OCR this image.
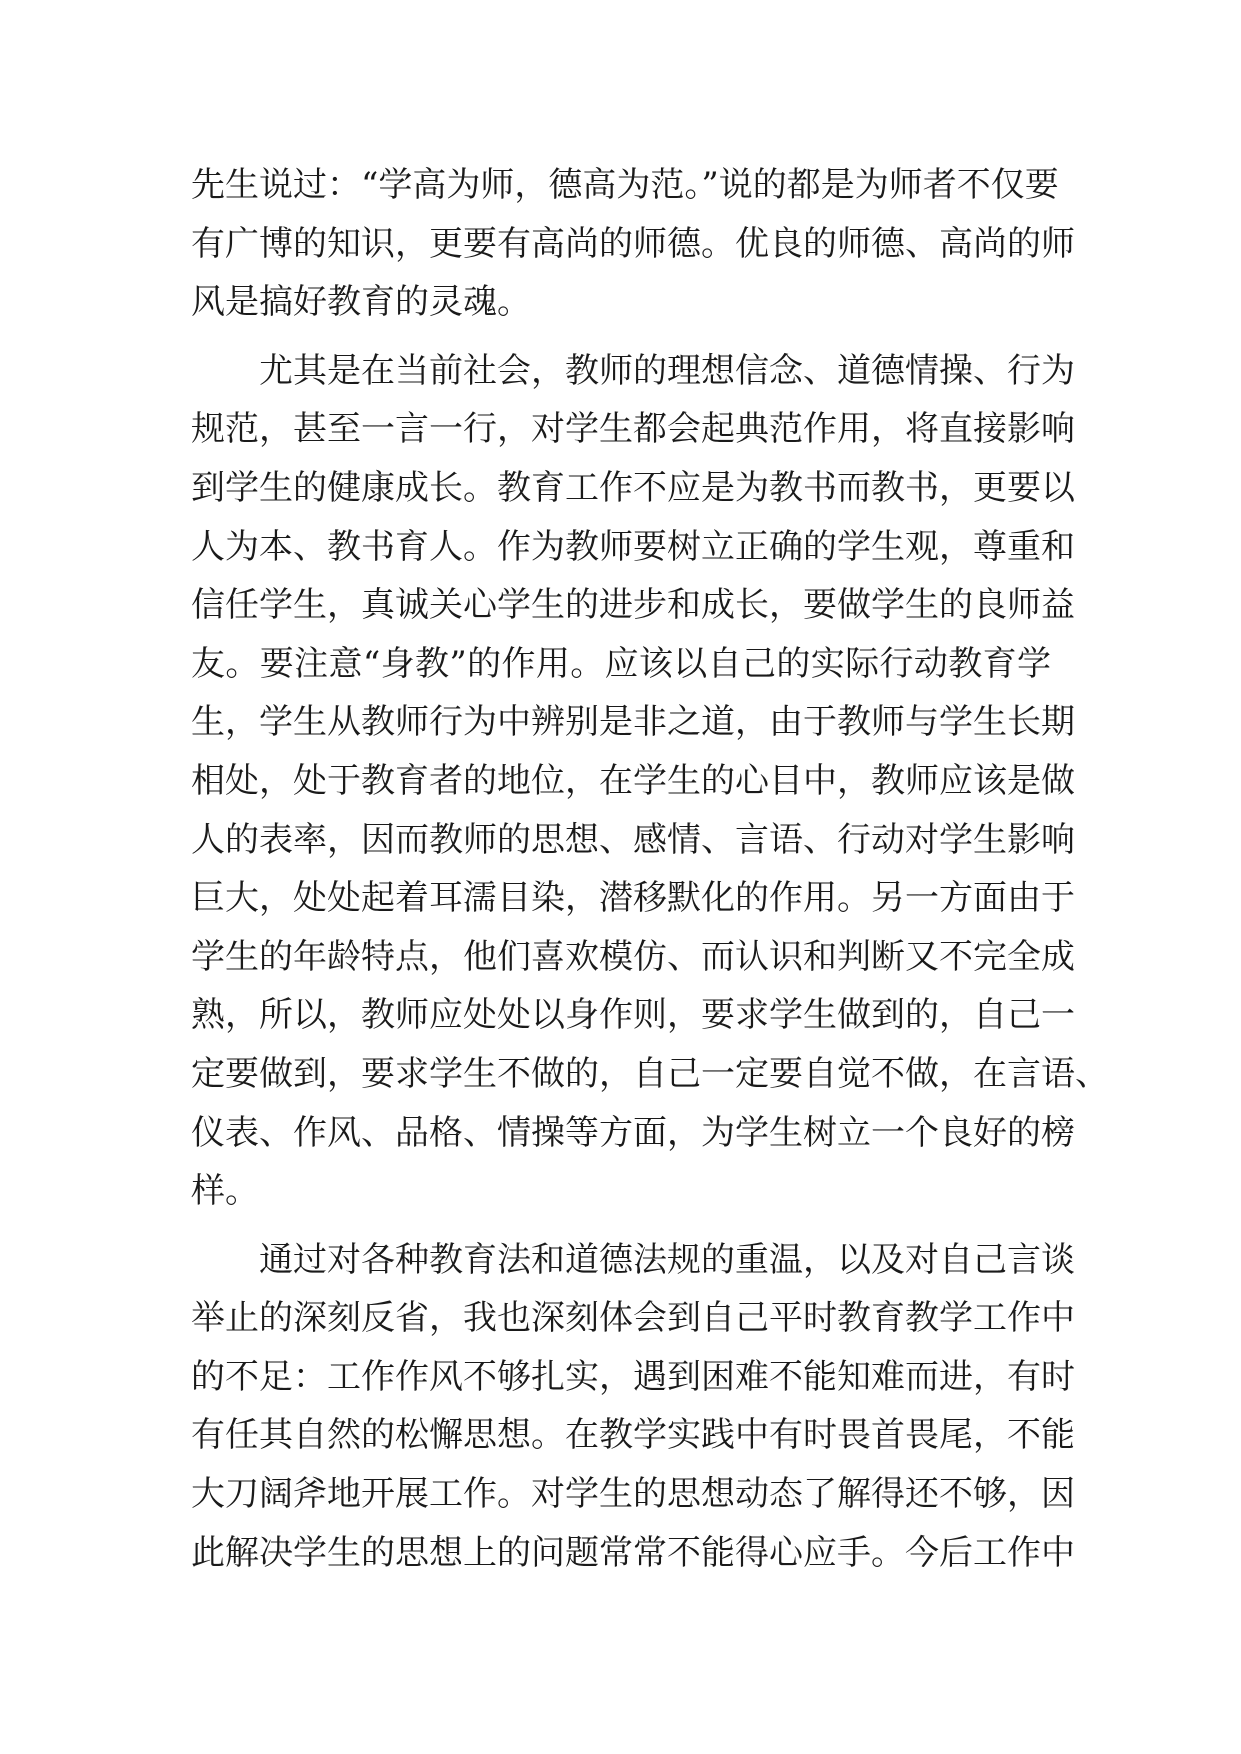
先生说过：“学高为师，德高为范。”说的都是为师者不仅要
有广博的知识，更要有高尚的师德。优良的师德、高尚的师
风是搞好教育的灵魂。
尤其是在当前社会，教师的理想信念、道德情操、行为
规范，甚至一言一行，对学生都会起典范作用，将直接影响
到学生的健康成长。教育工作不应是为教书而教书，更要以
人为本、教书育人。作为教师要树立正确的学生观，尊重和
信任学生，真诚关心学生的进步和成长，要做学生的良师益
友。要注意“身教”的作用。应该以自己的实际行动教育学
生，学生从教师行为中辨别是非之道，由于教师与学生长期
相处，处于教育者的地位，在学生的心目中，教师应该是做
人的表率，因而教师的思想、感情、言语、行动对学生影响
巨大，处处起着耳濡目染，潜移默化的作用。另一方面由于
学生的年龄特点，他们喜欢模仿、而认识和判断又不完全成
熟，所以，教师应处处以身作则，要求学生做到的，自己一
定要做到，要求学生不做的，自己一定要自觉不做，在言语、
仪表、作风、品格、情操等方面，为学生树立一个良好的榜
样。
通过对各种教育法和道德法规的重温，以及对自己言谈
举止的深刻反省，我也深刻体会到自己平时教育教学工作中
的不足：工作作风不够扎实，遇到困难不能知难而进，有时
有任其自然的松懈思想。在教学实践中有时畏首畏尾，不能
大刀阔斧地开展工作。对学生的思想动态了解得还不够，因
此解决学生的思想上的问题常常不能得心应手。今后工作中
